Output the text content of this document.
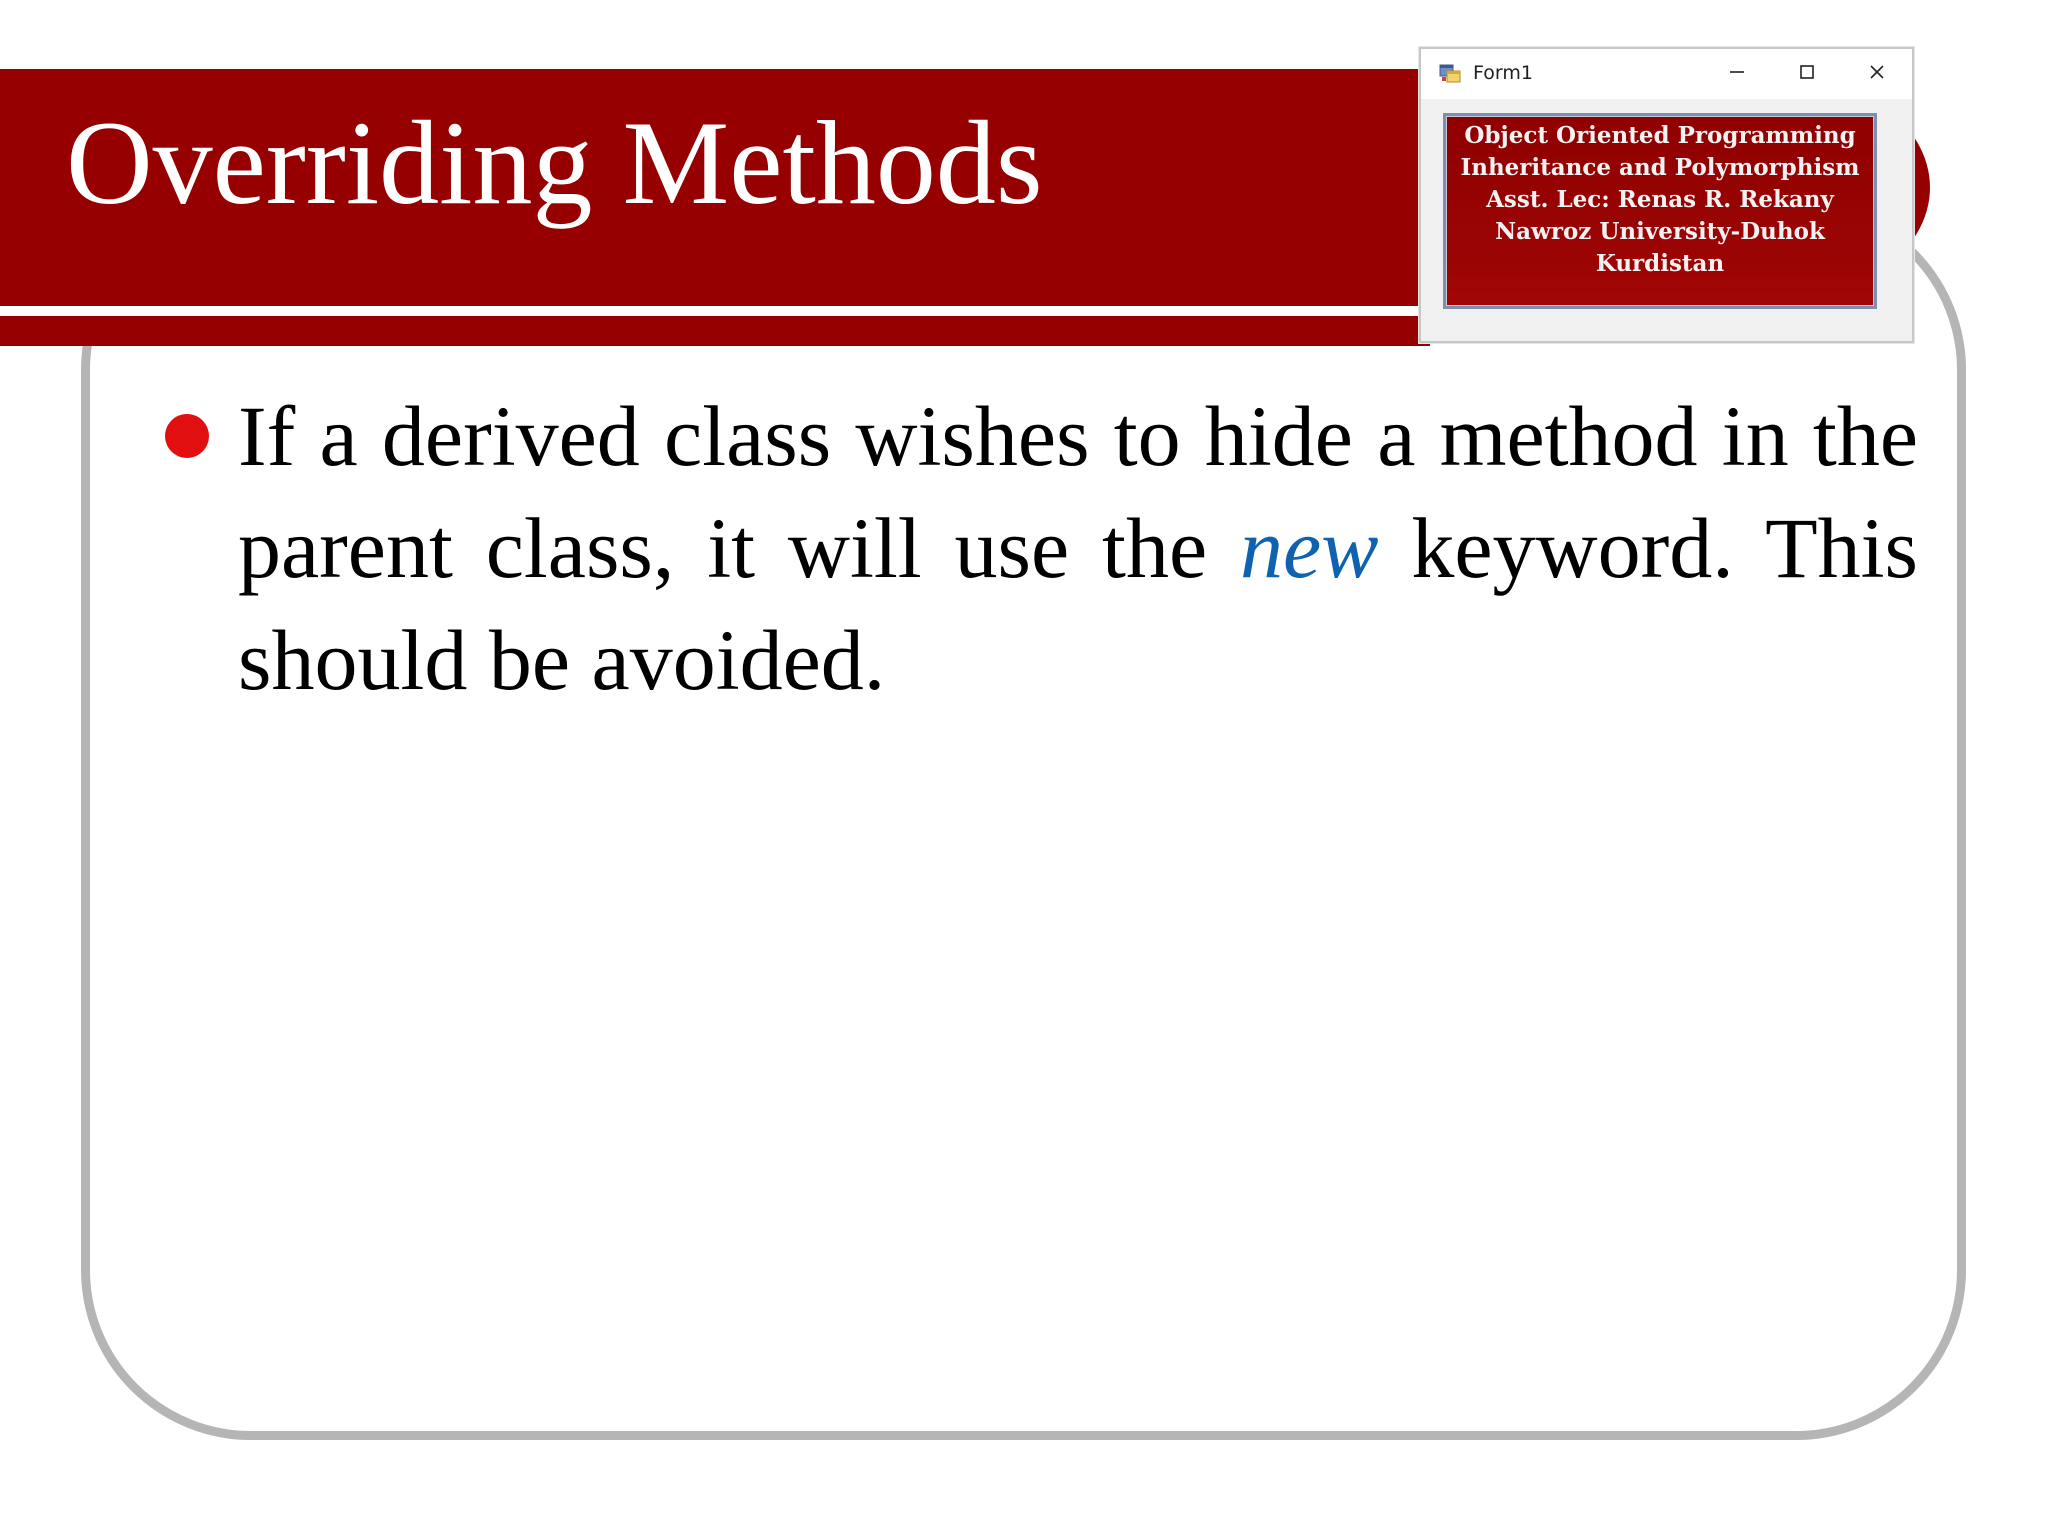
Overriding Methods

If a derived class wishes to hide a method in the parent class, it will use the new keyword. This should be avoided.

Form1
Object Oriented Programming
Inheritance and Polymorphism
Asst. Lec: Renas R. Rekany
Nawroz University-Duhok
Kurdistan
